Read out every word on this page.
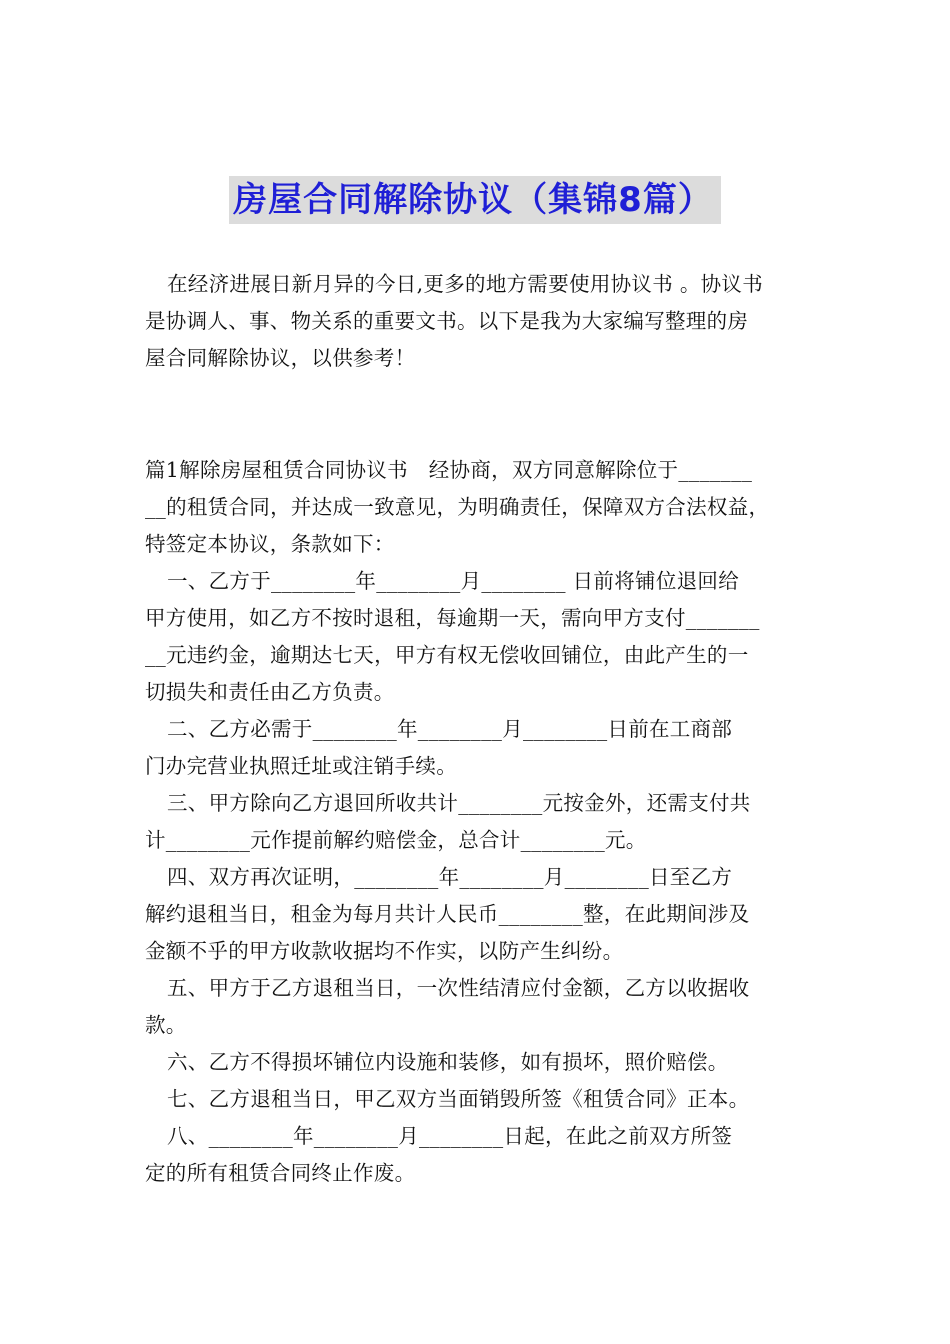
房屋合同解除协议（集锦8篇）
在经济进展日新月异的今日,更多的地方需要使用协议书 。协议书
是协调人、事、物关系的重要文书。以下是我为大家编写整理的房
屋合同解除协议，以供参考！
篇1解除房屋租赁合同协议书　经协商，双方同意解除位于_______
__的租赁合同，并达成一致意见，为明确责任，保障双方合法权益，
特签定本协议，条款如下：
一、乙方于________年________月________ 日前将铺位退回给
甲方使用，如乙方不按时退租，每逾期一天，需向甲方支付_______
__元违约金，逾期达七天，甲方有权无偿收回铺位，由此产生的一
切损失和责任由乙方负责。
二、乙方必需于________年________月________日前在工商部
门办完营业执照迁址或注销手续。
三、甲方除向乙方退回所收共计________元按金外，还需支付共
计________元作提前解约赔偿金，总合计________元。
四、双方再次证明，________年________月________日至乙方
解约退租当日，租金为每月共计人民币________整，在此期间涉及
金额不乎的甲方收款收据均不作实，以防产生纠纷。
五、甲方于乙方退租当日，一次性结清应付金额，乙方以收据收
款。
六、乙方不得损坏铺位内设施和装修，如有损坏，照价赔偿。
七、乙方退租当日，甲乙双方当面销毁所签《租赁合同》正本。
八、________年________月________日起，在此之前双方所签
定的所有租赁合同终止作废。
